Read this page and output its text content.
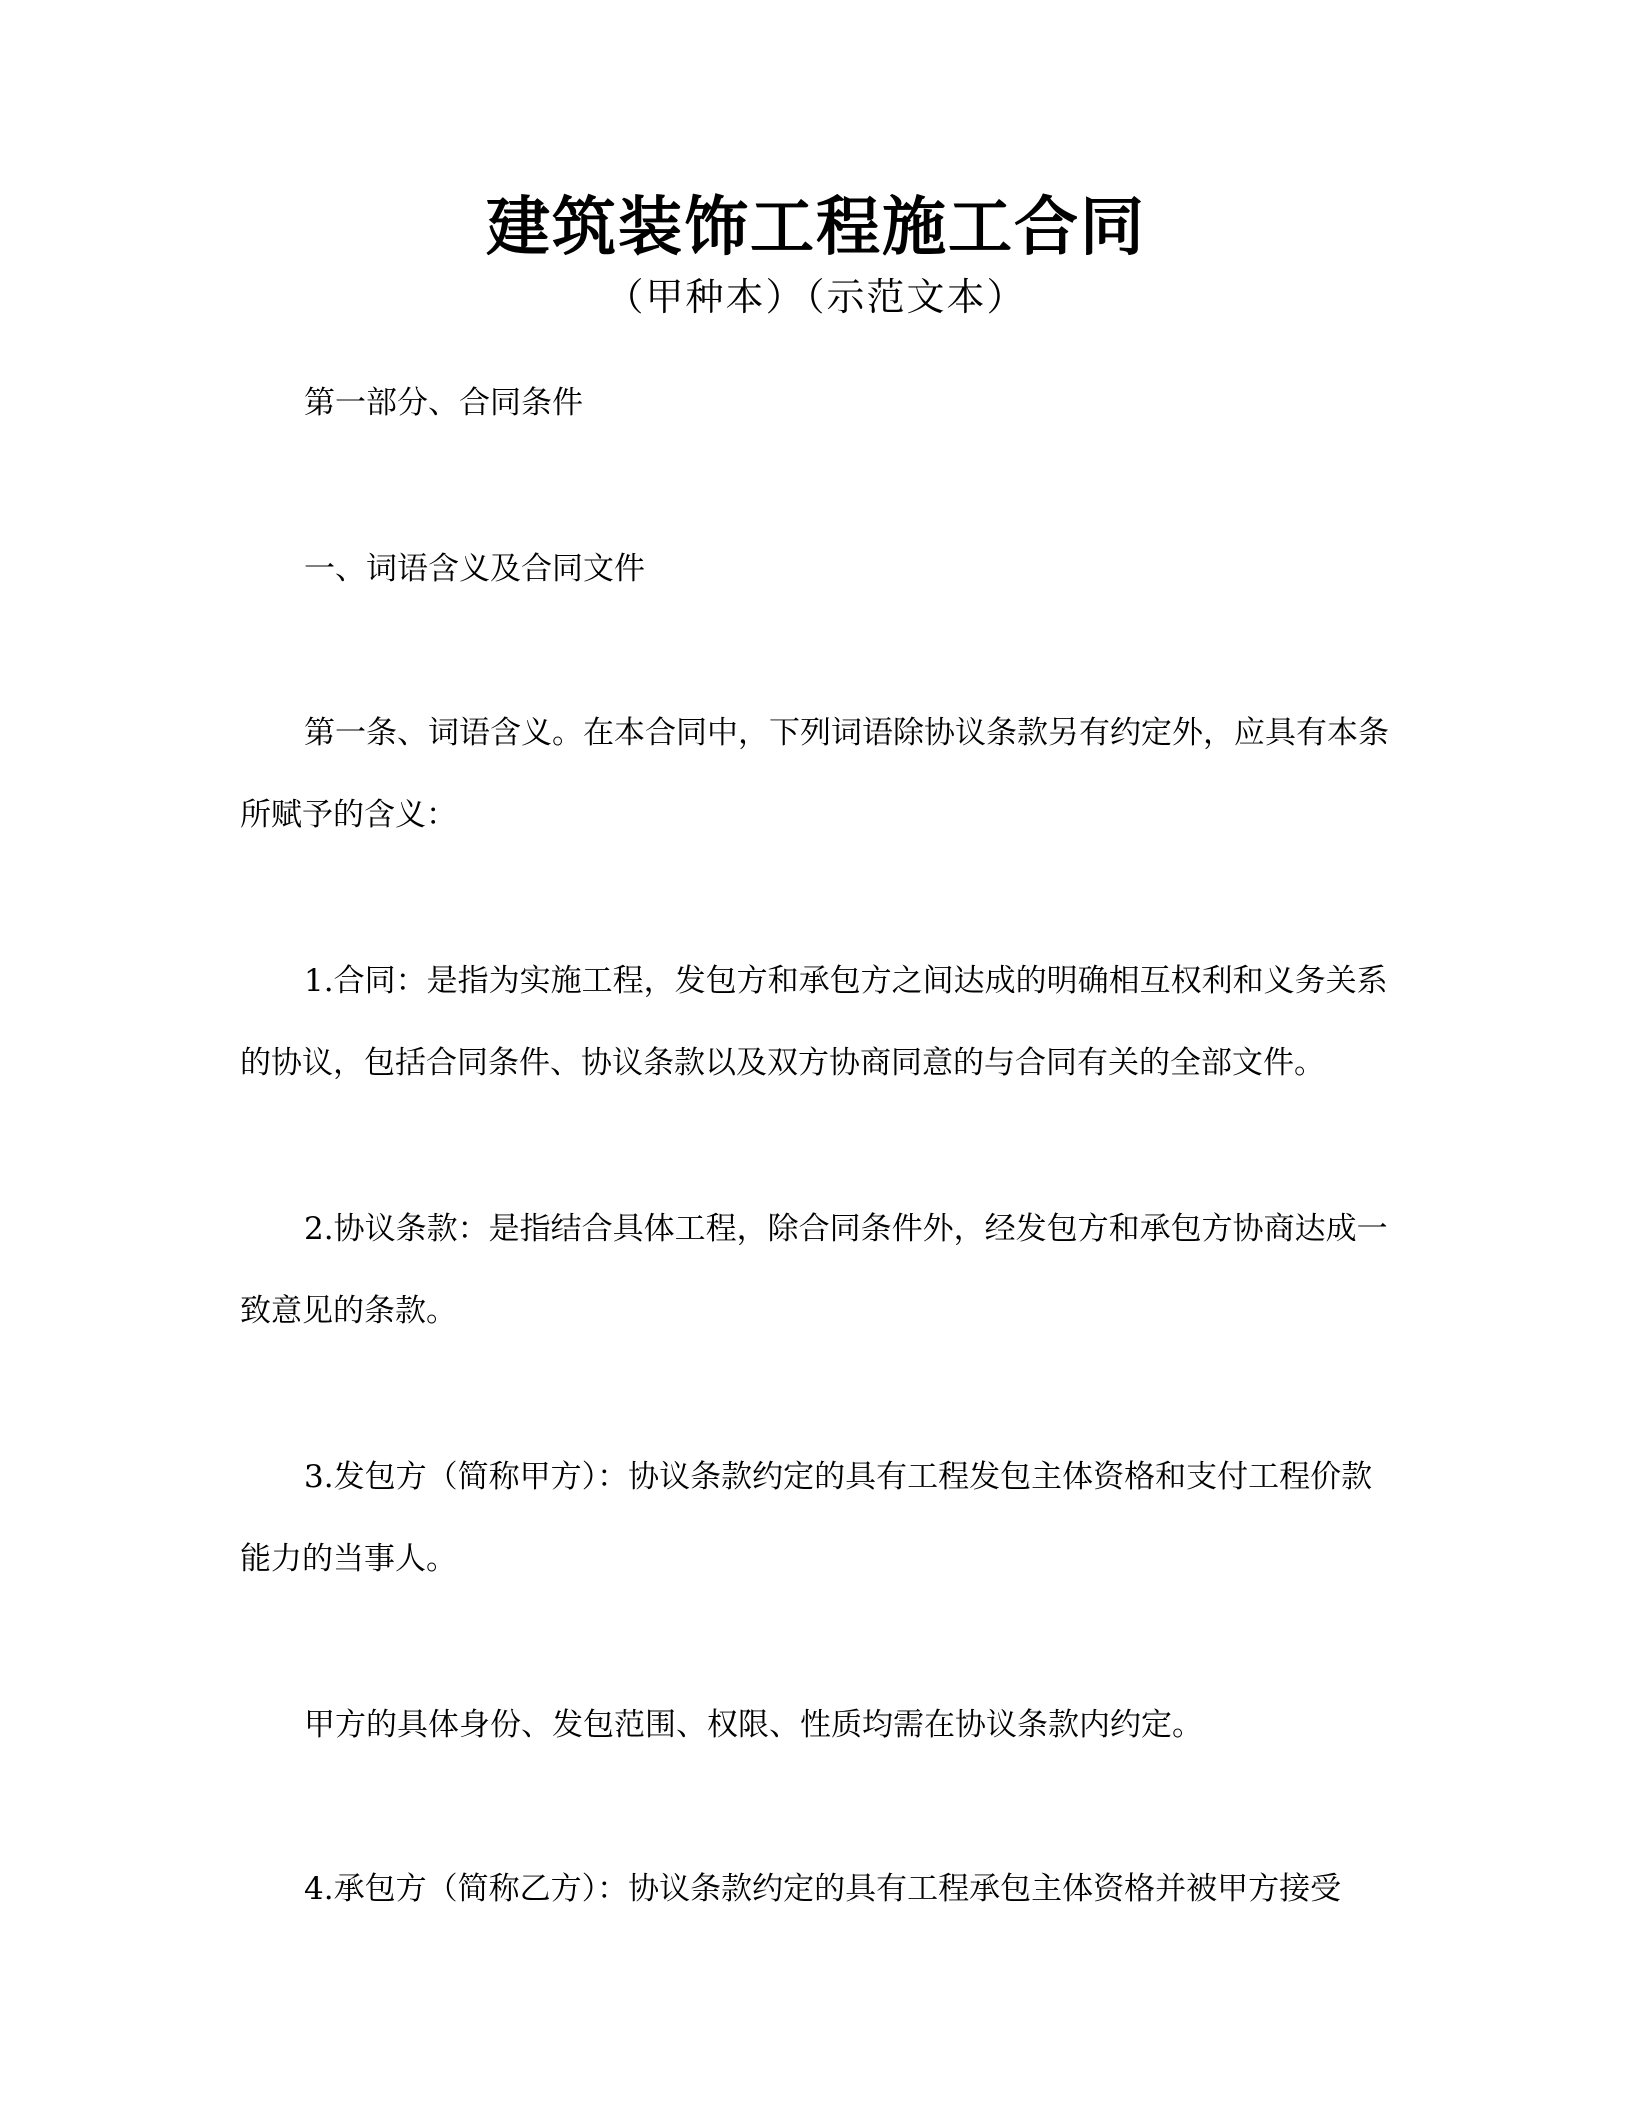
建筑装饰工程施工合同

（甲种本）（示范文本）

第一部分、合同条件

一、词语含义及合同文件

第一条、词语含义。在本合同中，下列词语除协议条款另有约定外，应具有本条所赋予的含义：

1.合同：是指为实施工程，发包方和承包方之间达成的明确相互权利和义务关系的协议，包括合同条件、协议条款以及双方协商同意的与合同有关的全部文件。

2.协议条款：是指结合具体工程，除合同条件外，经发包方和承包方协商达成一致意见的条款。

3.发包方（简称甲方）：协议条款约定的具有工程发包主体资格和支付工程价款能力的当事人。

甲方的具体身份、发包范围、权限、性质均需在协议条款内约定。

4.承包方（简称乙方）：协议条款约定的具有工程承包主体资格并被甲方接受
